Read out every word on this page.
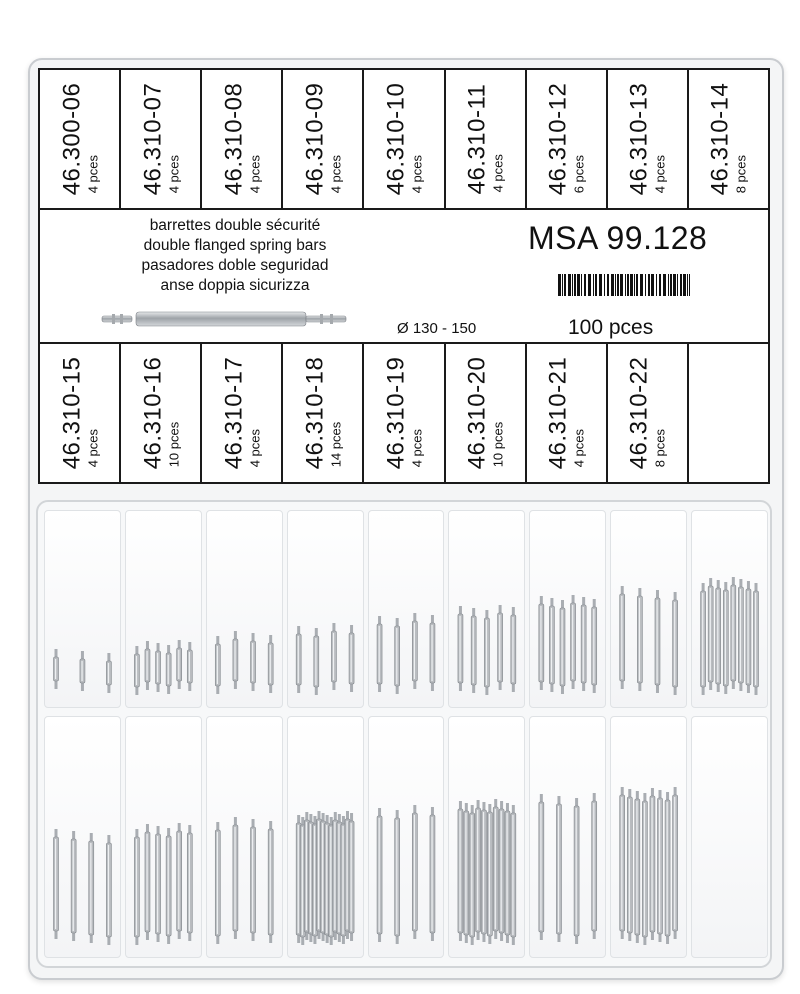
46.300-06 4 pces 46.310-07 4 pces 46.310-08 4 pces 46.310-09 4 pces 46.310-10 4 pces 46.310-11 4 pces 46.310-12 6 pces 46.310-13 4 pces 46.310-14 8 pces
barrettes double sécurité
double flanged spring bars
pasadores doble seguridad
anse doppia sicurizza
MSA 99.128
Ø 130 - 150	100 pces
46.310-15 4 pces 46.310-16 10 pces 46.310-17 4 pces 46.310-18 14 pces 46.310-19 4 pces 46.310-20 10 pces 46.310-21 4 pces 46.310-22 8 pces
